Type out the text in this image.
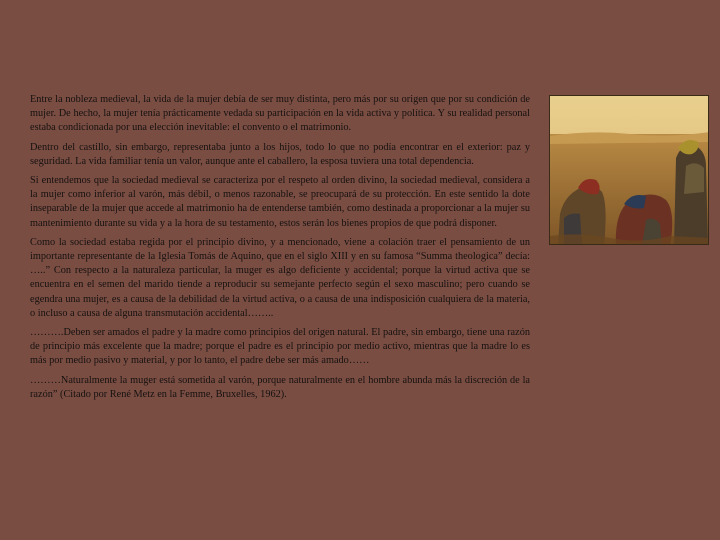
Entre la nobleza medieval, la vida de la mujer debía de ser muy distinta, pero más por su origen que por su condición de mujer. De hecho, la mujer tenía prácticamente vedada su participación en la vida activa y política. Y su realidad personal estaba condicionada por una elección inevitable: el convento o el matrimonio.

Dentro del castillo, sin embargo, representaba junto a los hijos, todo lo que no podía encontrar en el exterior: paz y seguridad. La vida familiar tenía un valor, aunque ante el caballero, la esposa tuviera una total dependencia.

Si entendemos que la sociedad medieval se caracteriza por el respeto al orden divino, la sociedad medieval, considera a la mujer como inferior al varón, más débil, o menos razonable, se preocupará de su protección. En este sentido la dote inseparable de la mujer que accede al matrimonio ha de entenderse también, como destinada a proporcionar a la mujer su mantenimiento durante su vida y a la hora de su testamento, estos serán los bienes propios de que podrá disponer.

Como la sociedad estaba regida por el principio divino, y a mencionado, viene a colación traer el pensamiento de un importante representante de la Iglesia Tomás de Aquino, que en el siglo XIII y en su famosa “Summa theologica” decía: …..” Con respecto a la naturaleza particular, la muger es algo deficiente y accidental; porque la virtud activa que se encuentra en el semen del marido tiende a reproducir su semejante perfecto según el sexo masculino; pero cuando se egendra una mujer, es a causa de la debilidad de la virtud activa, o a causa de una indisposición cualquiera de la materia, o incluso a causa de alguna transmutación accidental……..

……….Deben ser amados el padre y la madre como principios del origen natural. El padre, sin embargo, tiene una razón de principio más excelente que la madre; porque el padre es el principio por medio activo, mientras que la madre lo es más por medio pasivo y material, y por lo tanto, el padre debe ser más amado……

………Naturalmente la muger está sometida al varón, porque naturalmente en el hombre abunda más la discreción de la razón” (Citado por René Metz en la Femme, Bruxelles, 1962).
